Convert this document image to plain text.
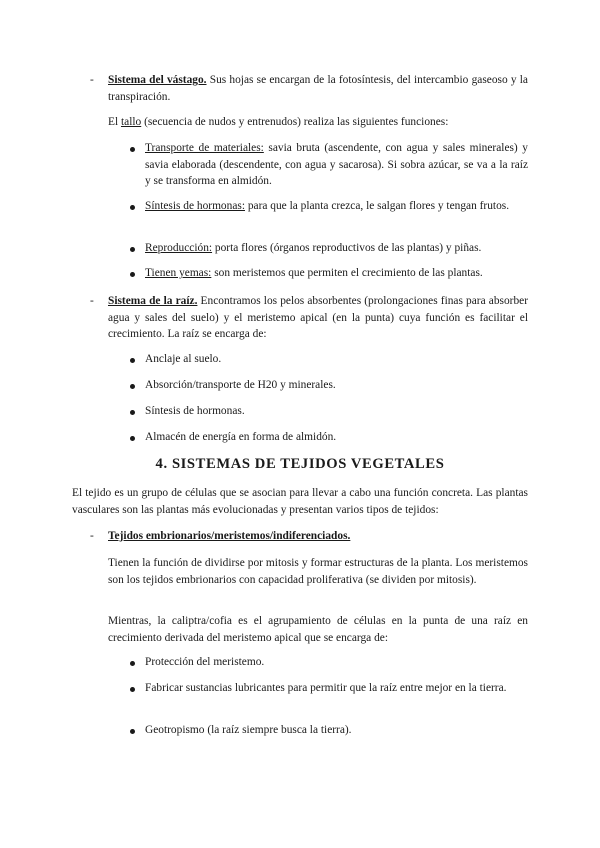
-	Sistema del vástago. Sus hojas se encargan de la fotosíntesis, del intercambio gaseoso y la transpiración.
El tallo (secuencia de nudos y entrenudos) realiza las siguientes funciones:
Transporte de materiales: savia bruta (ascendente, con agua y sales minerales) y savia elaborada (descendente, con agua y sacarosa). Si sobra azúcar, se va a la raíz y se transforma en almidón.
Síntesis de hormonas: para que la planta crezca, le salgan flores y tengan frutos.
Reproducción: porta flores (órganos reproductivos de las plantas) y piñas.
Tienen yemas: son meristemos que permiten el crecimiento de las plantas.
-	Sistema de la raíz. Encontramos los pelos absorbentes (prolongaciones finas para absorber agua y sales del suelo) y el meristemo apical (en la punta) cuya función es facilitar el crecimiento. La raíz se encarga de:
Anclaje al suelo.
Absorción/transporte de H20 y minerales.
Síntesis de hormonas.
Almacén de energía en forma de almidón.
4. SISTEMAS DE TEJIDOS VEGETALES
El tejido es un grupo de células que se asocian para llevar a cabo una función concreta. Las plantas vasculares son las plantas más evolucionadas y presentan varios tipos de tejidos:
-	Tejidos embrionarios/meristemos/indiferenciados.
Tienen la función de dividirse por mitosis y formar estructuras de la planta. Los meristemos son los tejidos embrionarios con capacidad proliferativa (se dividen por mitosis).
Mientras, la caliptra/cofia es el agrupamiento de células en la punta de una raíz en crecimiento derivada del meristemo apical que se encarga de:
Protección del meristemo.
Fabricar sustancias lubricantes para permitir que la raíz entre mejor en la tierra.
Geotropismo (la raíz siempre busca la tierra).
